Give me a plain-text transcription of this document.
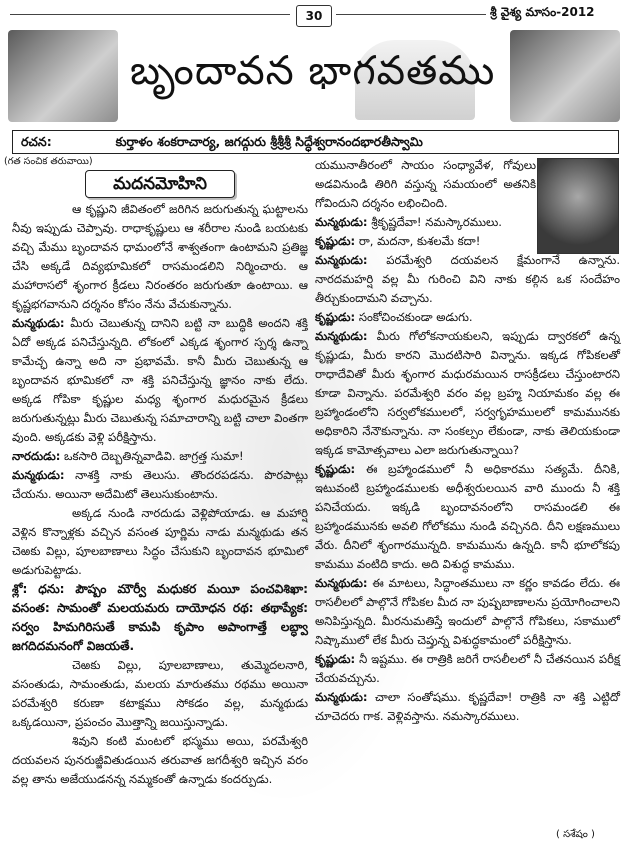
30	శ్రీ వైశ్య మాసం-2012
బృందావన భాగవతము
రచన:	కుర్తాళం శంకరాచార్య, జగద్గురు శ్రీశ్రీశ్రీ సిద్ధేశ్వరానందభారతీస్వామి
(గత సంచిక తరువాయి)
మదనమోహిని

ఆ కృష్ణుని జీవితంలో జరిగిన జరుగుతున్న ఘట్టాలను నీవు ఇప్పుడు చెప్పావు. రాధాకృష్ణులు ఆ శరీరాల నుండి బయటకు వచ్చి మేము బృందావన ధామంలోనే శాశ్వతంగా ఉంటామని ప్రతిజ్ఞ చేసి అక్కడే దివ్యభూమికలో రాసమండలిని నిర్మించారు. ఆ మహారాసలో శృంగార క్రీడలు నిరంతరం జరుగుతూ ఉంటాయి. ఆ కృష్ణభగవానుని దర్శనం కోసం నేను వేచుకున్నాను.

మన్మథుడు: మీరు చెబుతున్న దానిని బట్టి నా బుద్ధికి అందని శక్తి ఏదో అక్కడ పనిచేస్తున్నది. లోకంలో ఎక్కడ శృంగార స్పర్శ ఉన్నా కామేచ్ఛ ఉన్నా అది నా ప్రభావమే. కానీ మీరు చెబుతున్న ఆ బృందావన భూమికలో నా శక్తి పనిచేస్తున్న జ్ఞానం నాకు లేదు. అక్కడ గోపికా కృష్ణుల మధ్య శృంగార మధురమైన క్రీడలు జరుగుతున్నట్లు మీరు చెబుతున్న సమాచారాన్ని బట్టి చాలా వింతగా వుంది. అక్కడకు వెళ్లి పరీక్షిస్తాను.

నారదుడు: ఒకసారి దెబ్బతిన్నవాడివి. జాగ్రత్త సుమా!

మన్మథుడు: నాశక్తి నాకు తెలుసు. తొందరపడను. పొరపాట్లు చేయను. అయినా అదేమిటో తెలుసుకుంటాను.

అక్కడ నుండి నారదుడు వెళ్లిపోయాడు. ఆ మహార్షి వెళ్లిన కొన్నాళ్లకు వచ్చిన వసంత పూర్ణిమ నాడు మన్మథుడు తన చెఱకు విల్లు, పూలబాణాలు సిద్ధం చేసుకుని బృందావన భూమిలో అడుగుపెట్టాడు.

శ్లో: ధను: పౌష్పం మౌర్వీ మధుకర మయీ పంచవిశిఖా: వసంత: సామంతో మలయమరు దాయోధన రథ: తథాప్యేక: సర్వం హిమగిరిసుతే కామపి కృపాం అపాంగాత్తే లబ్ధ్వా జగదిదమనంగో విజయతే.

చెఱకు విల్లు, పూలబాణాలు, తుమ్మెదలనారి, వసంతుడు, సామంతుడు, మలయ మారుతము రథము అయినా పరమేశ్వరి కరుణా కటాక్షము సోకడం వల్ల, మన్మథుడు ఒక్కడయినా, ప్రపంచం మొత్తాన్ని జయిస్తున్నాడు.

శివుని కంటి మంటలో భస్మము అయి, పరమేశ్వరి దయవలన పునరుజ్జీవితుడయిన తరువాత జగదీశ్వరి ఇచ్చిన వరం వల్ల తాను అజేయుడనన్న నమ్మకంతో ఉన్నాడు కందర్పుడు.

యమునాతీరంలో సాయం సంధ్యావేళ, గోవులు అడవినుండి తిరిగి వస్తున్న సమయంలో అతనికి గోవిందుని దర్శనం లభించింది.

మన్మథుడు: శ్రీకృష్ణదేవా! నమస్కారములు.

కృష్ణుడు: రా, మదనా, కుశలమే కదా!

మన్మథుడు: పరమేశ్వరి దయవలన క్షేమంగానే ఉన్నాను. నారదమహర్షి వల్ల మీ గురించి విని నాకు కల్గిన ఒక సందేహం తీర్చుకుందామని వచ్చాను.

కృష్ణుడు: సంకోచించకుండా అడుగు.

మన్మథుడు: మీరు గోలోకనాయకులని, ఇప్పుడు ద్వారకలో ఉన్న కృష్ణుడు, మీరు కారని మొదటిసారి విన్నాను. ఇక్కడ గోపికలతో రాధాదేవితో మీరు శృంగార మధురమయిన రాసక్రీడలు చేస్తుంటారని కూడా విన్నాను. పరమేశ్వరి వరం వల్ల బ్రహ్మ నియామకం వల్ల ఈ బ్రహ్మాండంలోని సర్వలోకములలో, సర్వగృహములలో కామమునకు అధికారిని నేనౌకున్నాను. నా సంకల్పం లేకుండా, నాకు తెలియకుండా ఇక్కడ కామోత్సవాలు ఎలా జరుగుతున్నాయి?

కృష్ణుడు: ఈ బ్రహ్మాండములో నీ అధికారము సత్యమే. దీనికి, ఇటువంటి బ్రహ్మాండములకు అధీశ్వరులయిన వారి ముందు నీ శక్తి పనిచేయదు. ఇక్కడి బృందావనంలోని రాసమండలి ఈ బ్రహ్మాండమునకు అవలి గోలోకము నుండి వచ్చినది. దీని లక్షణములు వేరు. దీనిలో శృంగారమున్నది. కామమును ఉన్నది. కానీ భూలోకపు కామము వంటిది కాదు. అది విశుద్ధ కామము.

మన్మథుడు: ఈ మాటలు, సిద్ధాంతములు నా కర్ణం కావడం లేదు. ఈ రాసలీలలో పాల్గొనే గోపికల మీద నా పుష్పబాణాలను ప్రయోగించాలని అనిపిస్తున్నది. మీరనుమతిస్తే ఇందులో పాల్గొనే గోపికలు, సకాములో నిష్కాములో లేక మీరు చెప్తున్న విశుద్ధకామంలో పరీక్షిస్తాను.

కృష్ణుడు: నీ ఇష్టము. ఈ రాత్రికి జరిగే రాసలీలలో నీ చేతనయిన పరీక్ష చేయవచ్చును.

మన్మథుడు: చాలా సంతోషము. కృష్ణదేవా! రాత్రికి నా శక్తి ఎట్టిదో చూచెదరు గాక. వెళ్లివస్తాను. నమస్కారములు.

( సశేషం )
